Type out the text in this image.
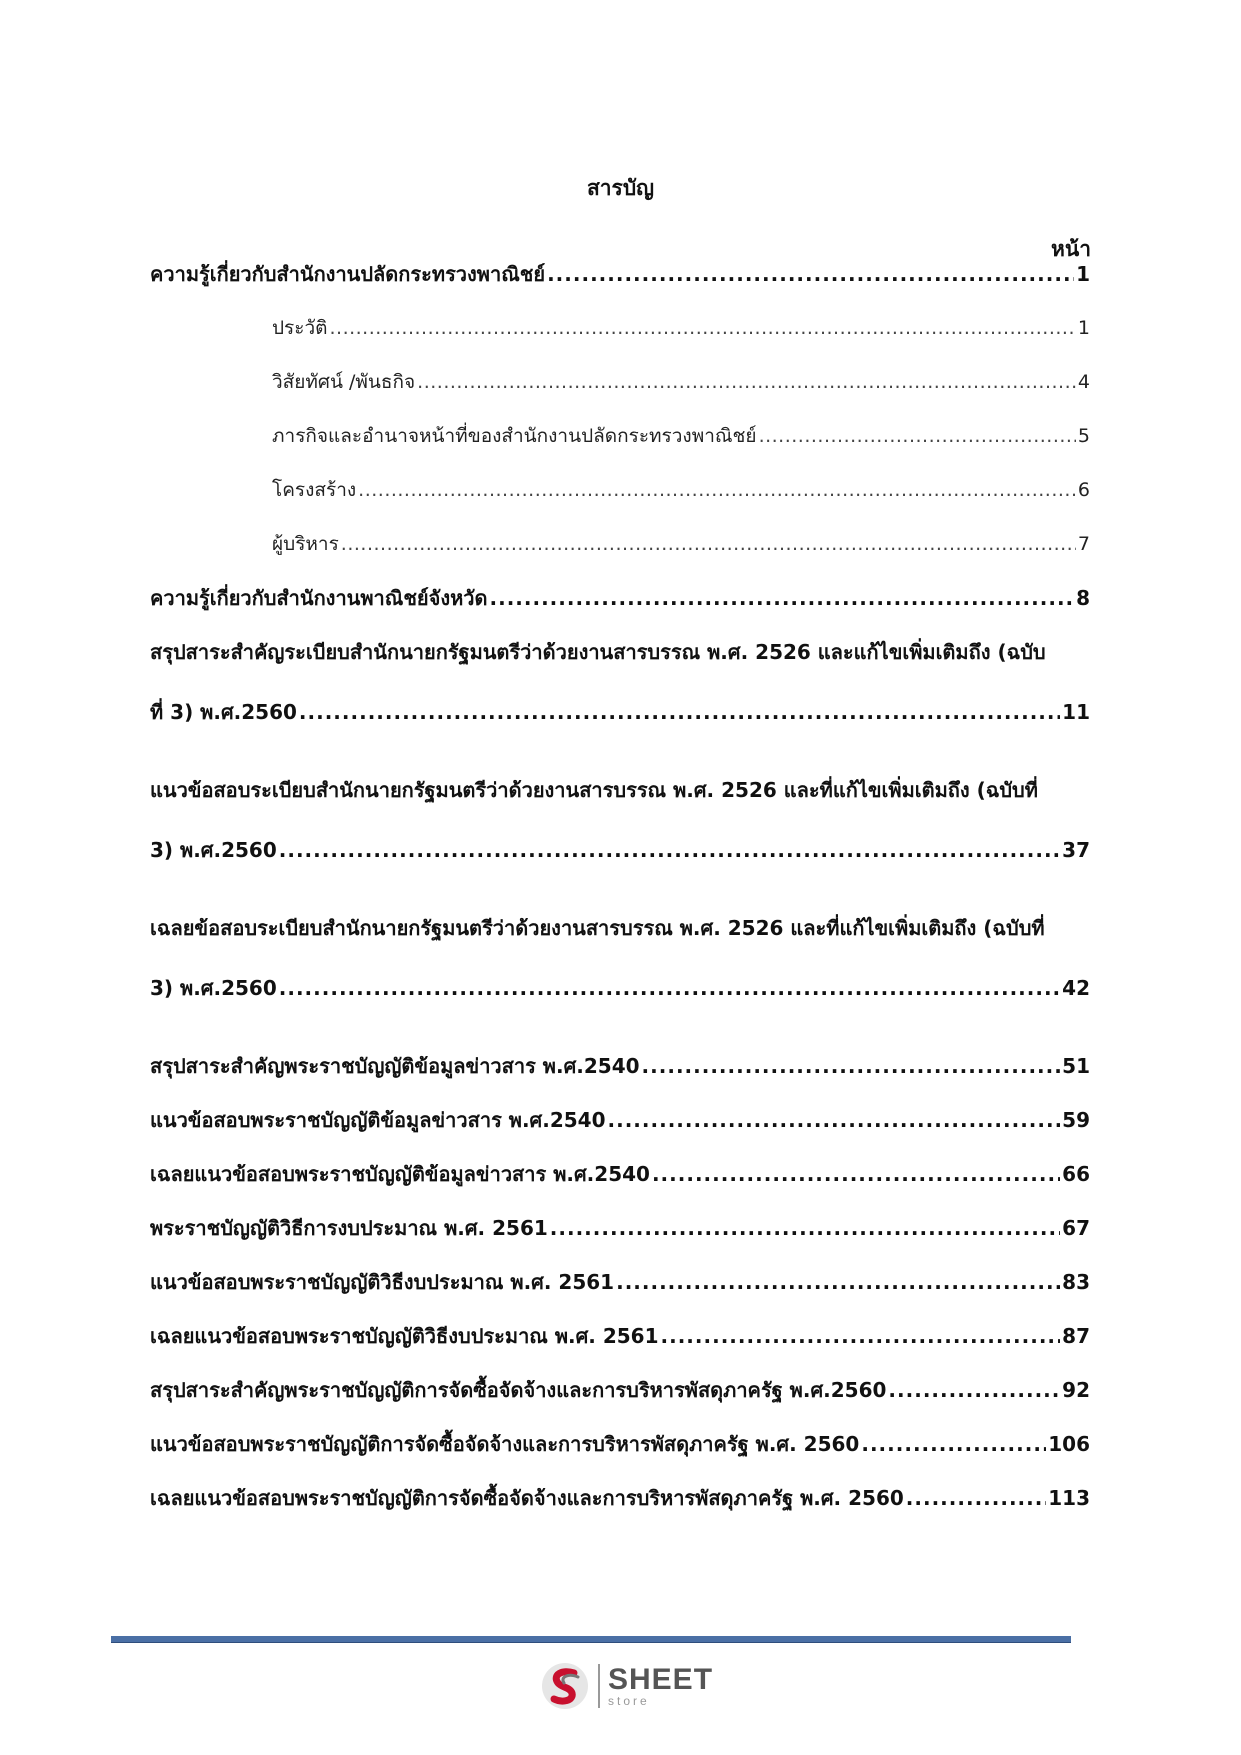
สารบัญ
หน้า
ความรู้เกี่ยวกับสำนักงานปลัดกระทรวงพาณิชย์ .....	1
ประวัติ .....	1
วิสัยทัศน์ /พันธกิจ .....	4
ภารกิจและอำนาจหน้าที่ของสำนักงานปลัดกระทรวงพาณิชย์ .....	5
โครงสร้าง .....	6
ผู้บริหาร .....	7
ความรู้เกี่ยวกับสำนักงานพาณิชย์จังหวัด .....	8
สรุปสาระสำคัญระเบียบสำนักนายกรัฐมนตรีว่าด้วยงานสารบรรณ พ.ศ. 2526 และแก้ไขเพิ่มเติมถึง (ฉบับ
ที่ 3) พ.ศ.2560 .....	11
แนวข้อสอบระเบียบสำนักนายกรัฐมนตรีว่าด้วยงานสารบรรณ พ.ศ. 2526 และที่แก้ไขเพิ่มเติมถึง (ฉบับที่
3) พ.ศ.2560 .....	37
เฉลยข้อสอบระเบียบสำนักนายกรัฐมนตรีว่าด้วยงานสารบรรณ พ.ศ. 2526 และที่แก้ไขเพิ่มเติมถึง (ฉบับที่
3) พ.ศ.2560 .....	42
สรุปสาระสำคัญพระราชบัญญัติข้อมูลข่าวสาร พ.ศ.2540 .....	51
แนวข้อสอบพระราชบัญญัติข้อมูลข่าวสาร พ.ศ.2540 .....	59
เฉลยแนวข้อสอบพระราชบัญญัติข้อมูลข่าวสาร พ.ศ.2540 .....	66
พระราชบัญญัติวิธีการงบประมาณ พ.ศ. 2561 .....	67
แนวข้อสอบพระราชบัญญัติวิธีงบประมาณ พ.ศ. 2561 .....	83
เฉลยแนวข้อสอบพระราชบัญญัติวิธีงบประมาณ พ.ศ. 2561 .....	87
สรุปสาระสำคัญพระราชบัญญัติการจัดซื้อจัดจ้างและการบริหารพัสดุภาครัฐ พ.ศ.2560 .....	92
แนวข้อสอบพระราชบัญญัติการจัดซื้อจัดจ้างและการบริหารพัสดุภาครัฐ พ.ศ. 2560 .....	106
เฉลยแนวข้อสอบพระราชบัญญัติการจัดซื้อจัดจ้างและการบริหารพัสดุภาครัฐ พ.ศ. 2560 .....	113
SHEET
store
